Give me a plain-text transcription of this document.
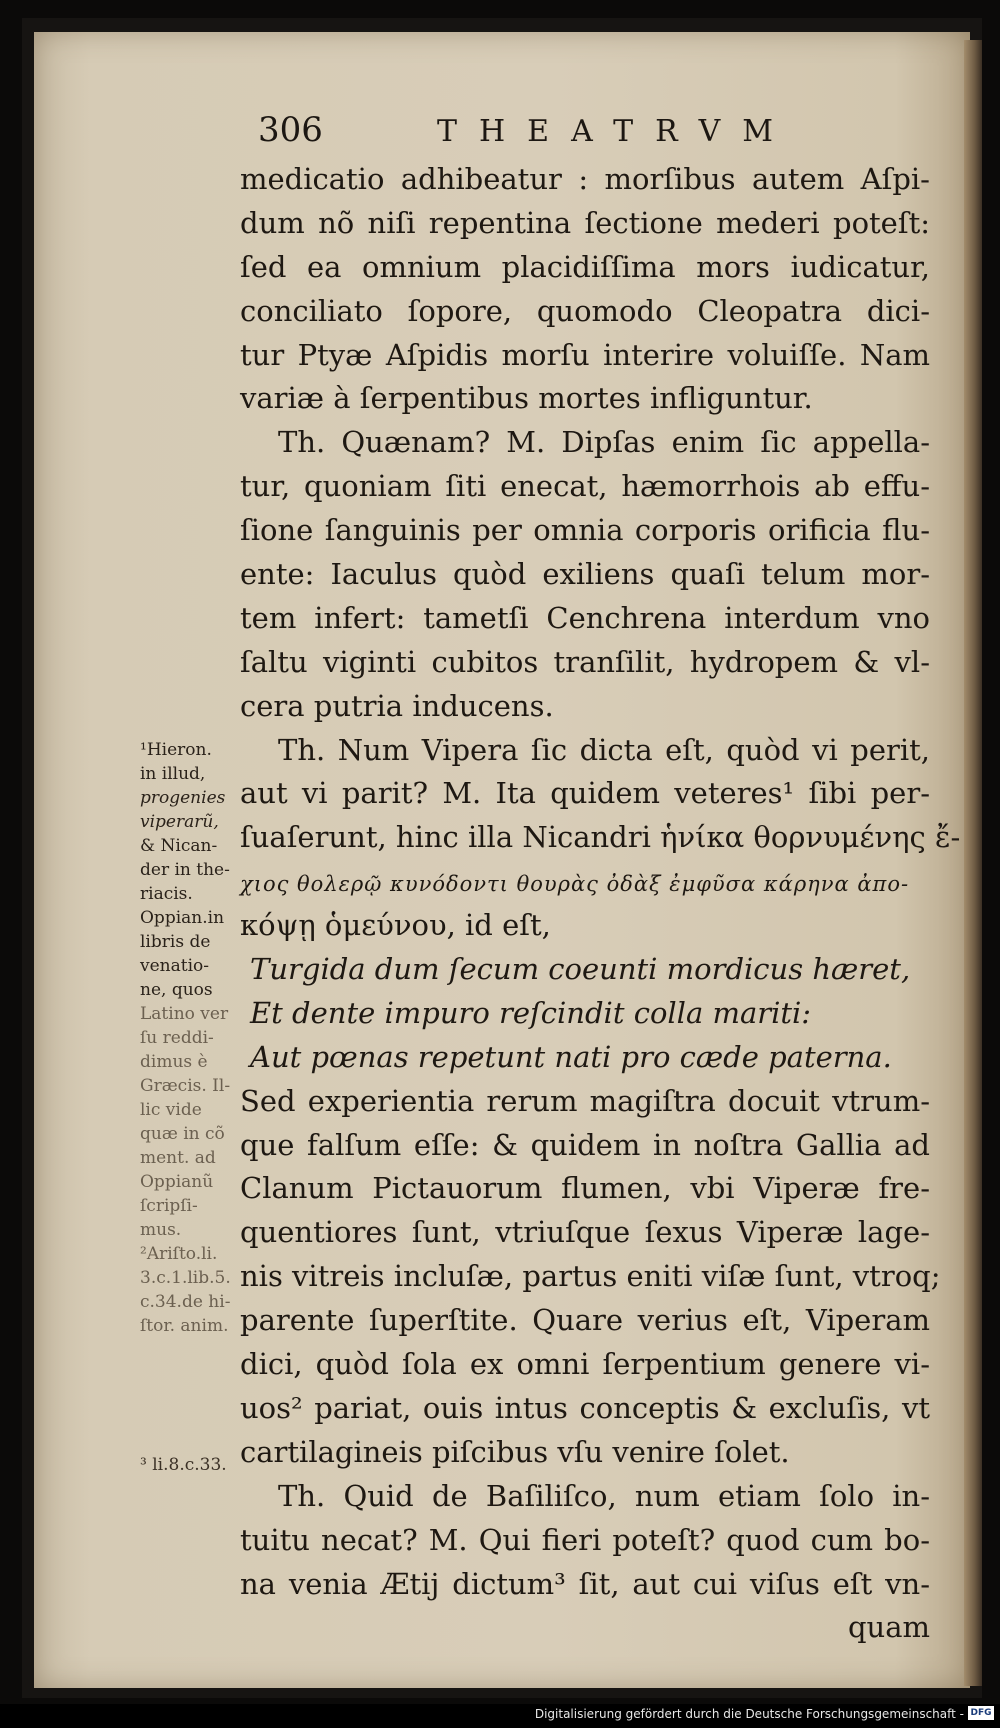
306	THEATRVM
medicatio adhibeatur : morſibus autem Aſpi-
dum nõ niſi repentina ſectione mederi poteſt:
ſed ea omnium placidiſſima mors iudicatur,
conciliato ſopore, quomodo Cleopatra dici-
tur Ptyæ Aſpidis morſu interire voluiſſe. Nam
variæ à ſerpentibus mortes infliguntur.
Th. Quænam? M. Dipſas enim ſic appella-
tur, quoniam ſiti enecat, hæmorrhois ab effu-
ſione ſanguinis per omnia corporis orificia flu-
ente: Iaculus quòd exiliens quaſi telum mor-
tem infert: tametſi Cenchrena interdum vno
ſaltu viginti cubitos tranſilit, hydropem & vl-
cera putria inducens.
Th. Num Vipera ſic dicta eſt, quòd vi perit,
aut vi parit? M. Ita quidem veteres¹ ſibi per-
ſuaſerunt, hinc illa Nicandri ἡνίκα θορνυμένης ἔ-
χιος θολερῷ κυνόδοντι θουρὰς ὀδὰξ ἐμφῦσα κάρηνα ἀπο-
κόψῃ ὁμεύνου, id eſt,
Turgida dum ſecum coeunti mordicus hæret,
Et dente impuro reſcindit colla mariti:
Aut pœnas repetunt nati pro cæde paterna.
Sed experientia rerum magiſtra docuit vtrum-
que falſum eſſe: & quidem in noſtra Gallia ad
Clanum Pictauorum flumen, vbi Viperæ fre-
quentiores ſunt, vtriuſque ſexus Viperæ lage-
nis vitreis incluſæ, partus eniti viſæ ſunt, vtroq;
parente ſuperſtite. Quare verius eſt, Viperam
dici, quòd ſola ex omni ſerpentium genere vi-
uos² pariat, ouis intus conceptis & excluſis, vt
cartilagineis piſcibus vſu venire ſolet.
Th. Quid de Baſiliſco, num etiam ſolo in-
tuitu necat? M. Qui fieri poteſt? quod cum bo-
na venia Ætij dictum³ ſit, aut cui viſus eſt vn-
quam
¹Hieron.
in illud,
progenies
viperarũ,
& Nican-
der in the-
riacis.
Oppian.in
libris de
venatio-
ne, quos
Latino ver
ſu reddi-
dimus è
Græcis. Il-
lic vide
quæ in cõ
ment. ad
Oppianũ
ſcripſi-
mus.
²Ariſto.li.
3.c.1.lib.5.
c.34.de hi-
ſtor. anim.
³ li.8.c.33.
Digitalisierung gefördert durch die Deutsche Forschungsgemeinschaft - DFG
